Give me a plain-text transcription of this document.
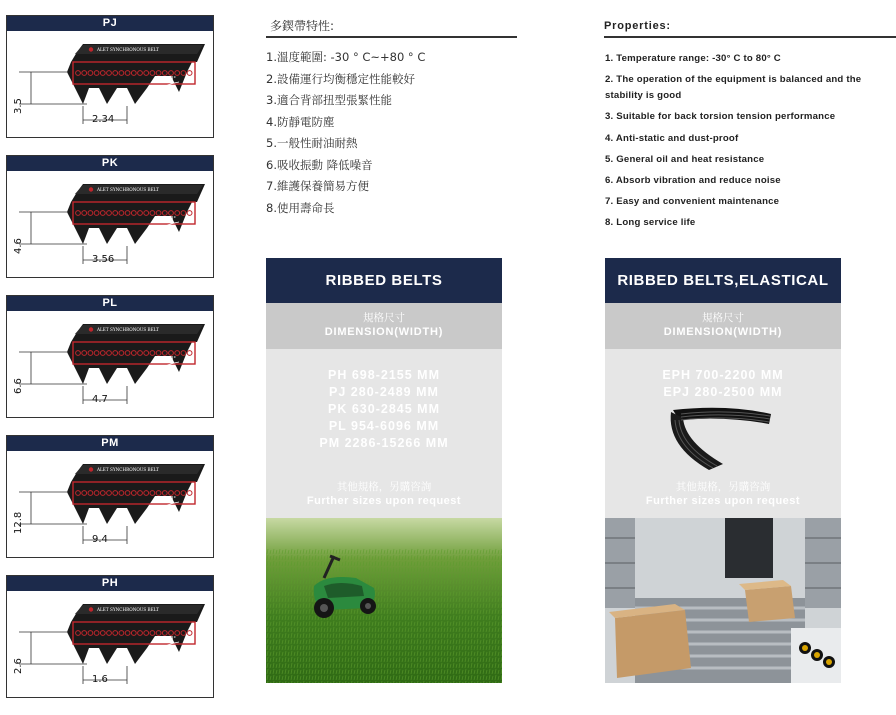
PJ
ALET SYNCHRONOUS BELT
40°
3.5
2.34
PK
ALET SYNCHRONOUS BELT
40°
4.6
3.56
PL
ALET SYNCHRONOUS BELT
40°
6.6
4.7
PM
ALET SYNCHRONOUS BELT
40°
12.8
9.4
PH
ALET SYNCHRONOUS BELT
40°
2.6
1.6
多鍥帶特性:
1.溫度範圍: -30 ° C~+80 ° C
2.設備運行均衡穩定性能較好
3.適合背部扭型張緊性能
4.防靜電防塵
5.一般性耐油耐熱
6.吸收振動 降低噪音
7.維護保養簡易方便
8.使用壽命長
Properties:
1. Temperature range: -30° C to 80° C
2. The operation of the equipment is balanced and the stability is good
3. Suitable for back torsion tension performance
4. Anti-static and dust-proof
5. General oil and heat resistance
6. Absorb vibration and reduce noise
7. Easy and convenient maintenance
8. Long service life
RIBBED BELTS
規格尺寸
DIMENSION(WIDTH)
PH 698-2155 MM
PJ 280-2489 MM
PK 630-2845 MM
PL 954-6096 MM
PM 2286-15266 MM
其他規格，另購咨詢
Further sizes upon request
RIBBED BELTS,ELASTICAL
規格尺寸
DIMENSION(WIDTH)
EPH 700-2200 MM
EPJ 280-2500 MM
其他規格，另購咨詢
Further sizes upon request
